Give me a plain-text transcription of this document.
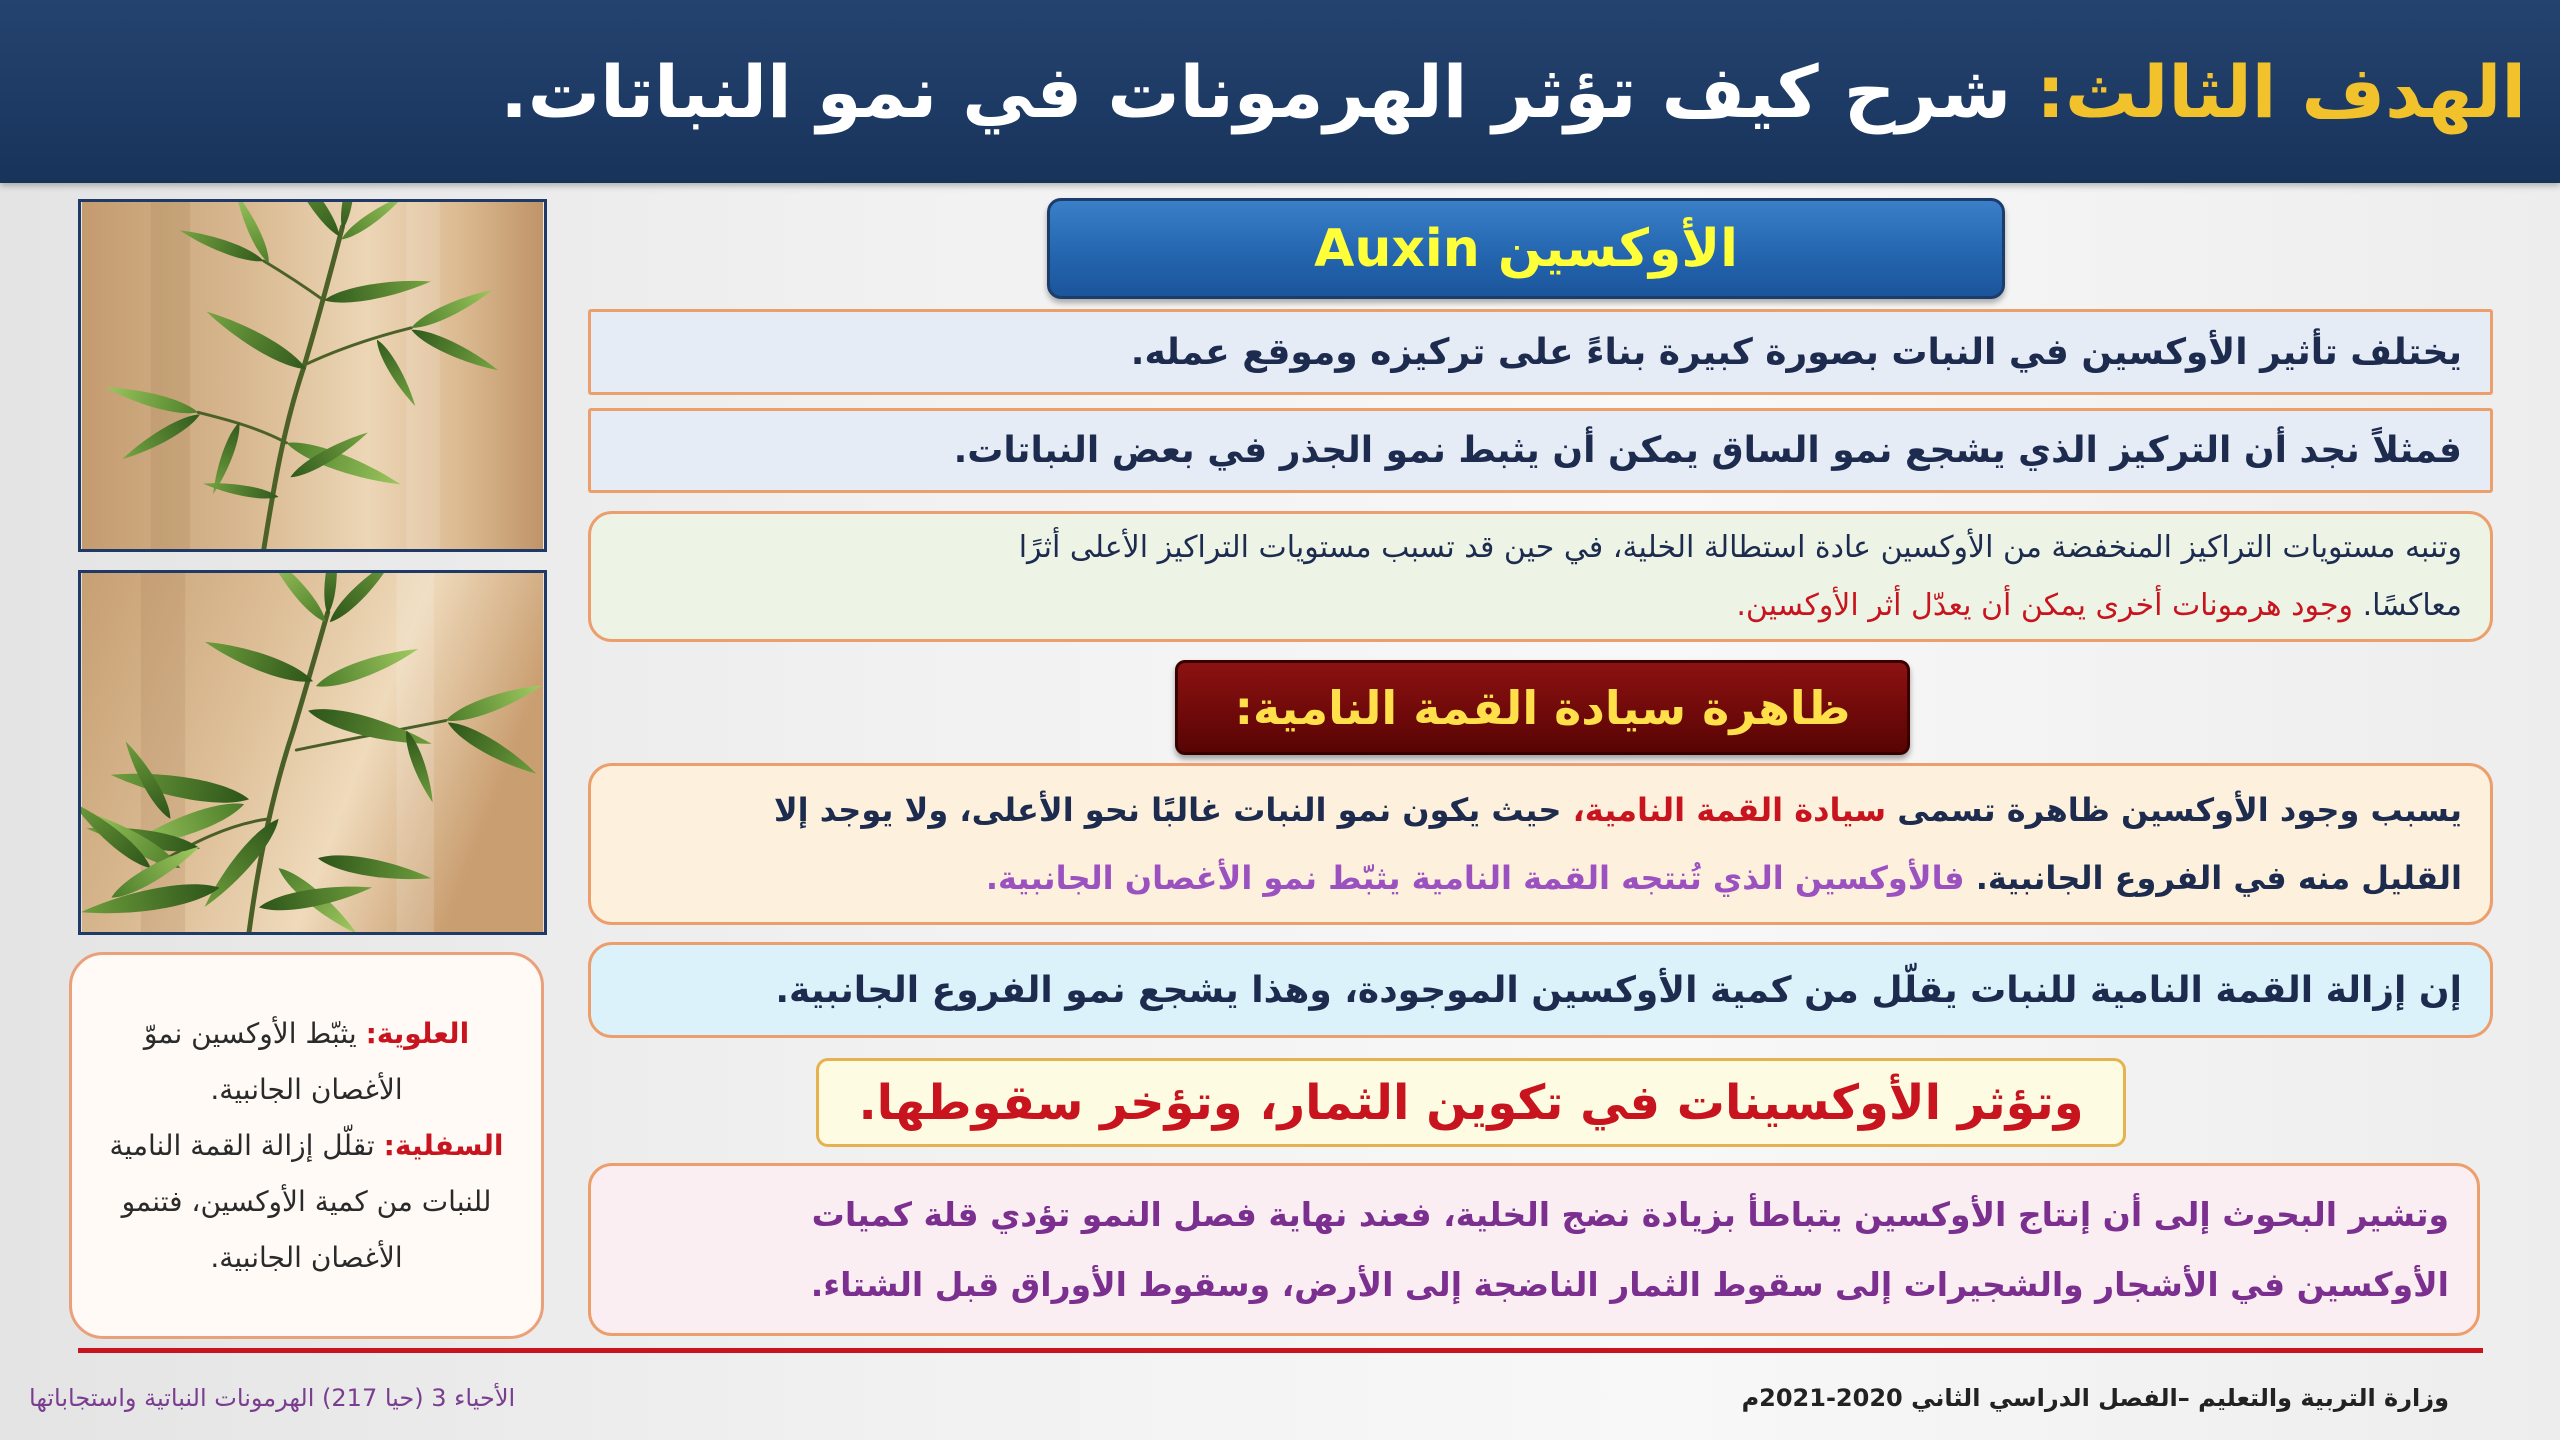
الهدف الثالث:

شرح كيف تؤثر الهرمونات في نمو النباتات.

العلوية: يثبّط الأوكسين نموّ الأغصان الجانبية.

السفلية: تقلّل إزالة القمة النامية للنبات من كمية الأوكسين، فتنمو الأغصان الجانبية.

الأوكسين Auxin
يختلف تأثير الأوكسين في النبات بصورة كبيرة بناءً على تركيزه وموقع عمله.
فمثلاً نجد أن التركيز الذي يشجع نمو الساق يمكن أن يثبط نمو الجذر في بعض النباتات.
وتنبه مستويات التراكيز المنخفضة من الأوكسين عادة استطالة الخلية، في حين قد تسبب مستويات التراكيز الأعلى أثرًا
معاكسًا. وجود هرمونات أخرى يمكن أن يعدّل أثر الأوكسين.
ظاهرة سيادة القمة النامية:
يسبب وجود الأوكسين ظاهرة تسمى سيادة القمة النامية، حيث يكون نمو النبات غالبًا نحو الأعلى، ولا يوجد إلا
القليل منه في الفروع الجانبية. فالأوكسين الذي تُنتجه القمة النامية يثبّط نمو الأغصان الجانبية.
إن إزالة القمة النامية للنبات يقلّل من كمية الأوكسين الموجودة، وهذا يشجع نمو الفروع الجانبية.
وتؤثر الأوكسينات في تكوين الثمار، وتؤخر سقوطها.
وتشير البحوث إلى أن إنتاج الأوكسين يتباطأ بزيادة نضج الخلية، فعند نهاية فصل النمو تؤدي قلة كميات
الأوكسين في الأشجار والشجيرات إلى سقوط الثمار الناضجة إلى الأرض، وسقوط الأوراق قبل الشتاء.
الأحياء 3 (حيا 217) الهرمونات النباتية واستجاباتها	وزارة التربية والتعليم –الفصل الدراسي الثاني 2020-2021م
